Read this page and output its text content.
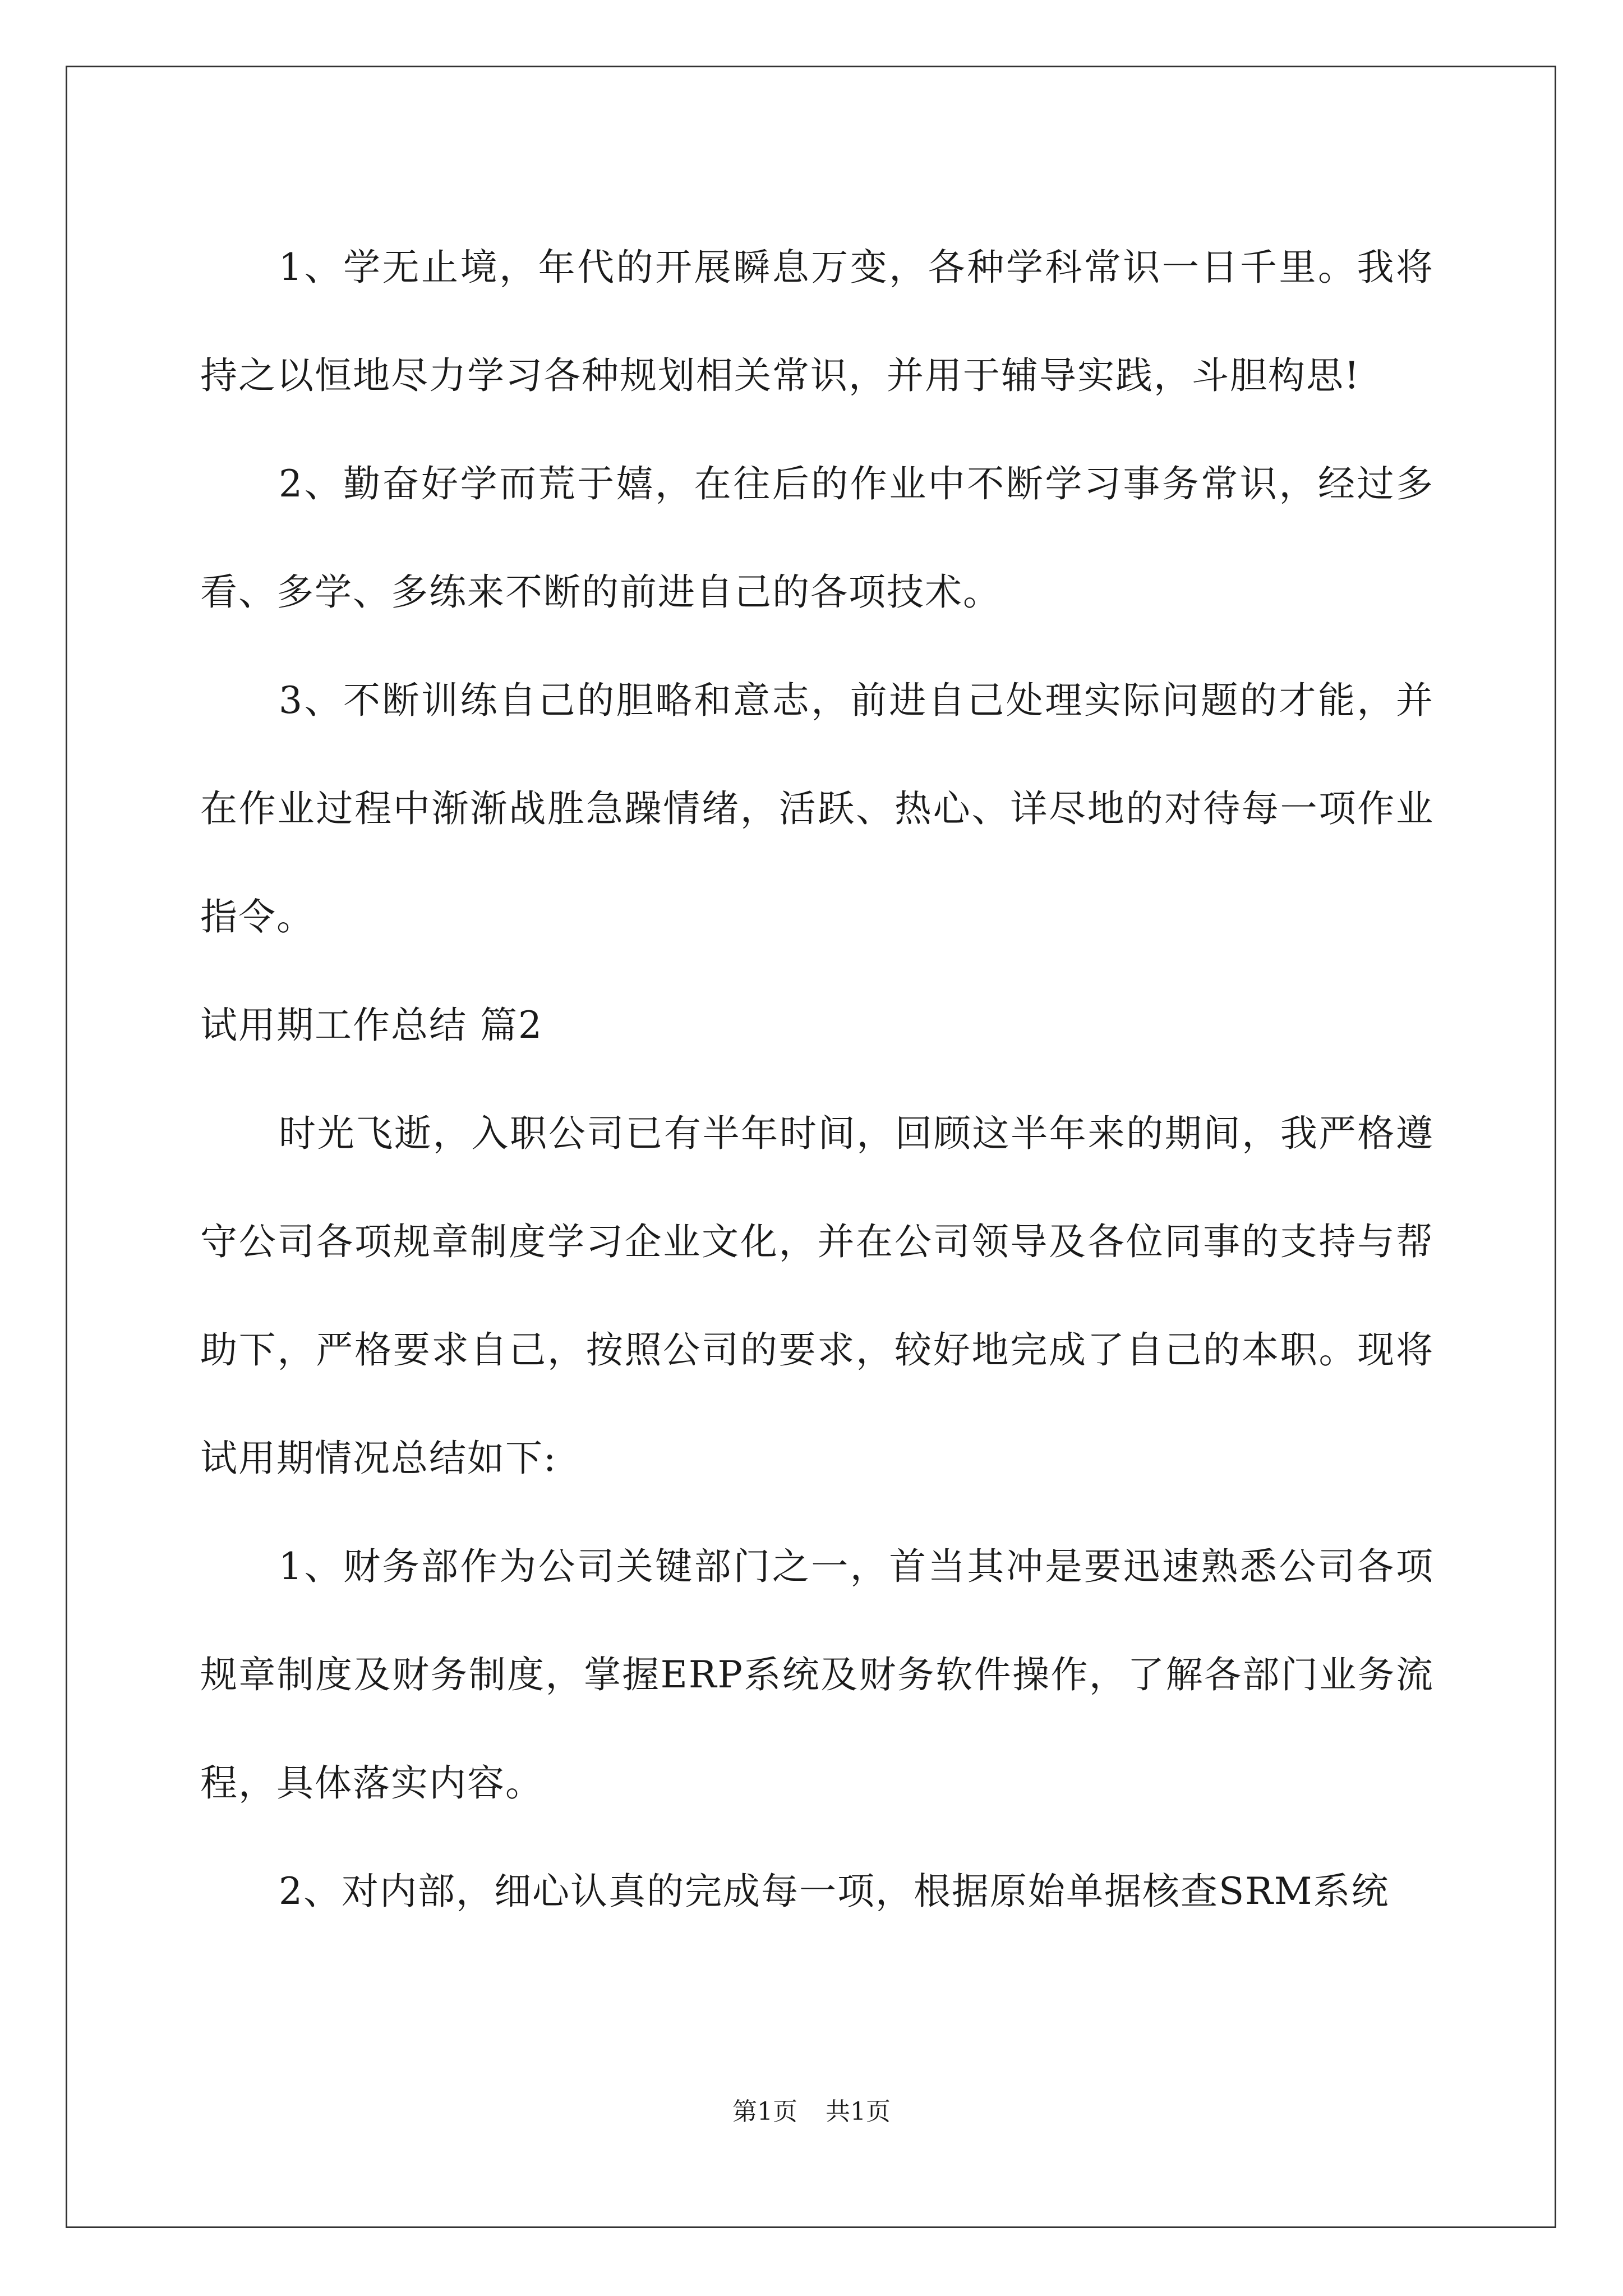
1、学无止境，年代的开展瞬息万变，各种学科常识一日千里。我将持之以恒地尽力学习各种规划相关常识，并用于辅导实践，斗胆构思!

2、勤奋好学而荒于嬉，在往后的作业中不断学习事务常识，经过多看、多学、多练来不断的前进自己的各项技术。

3、不断训练自己的胆略和意志，前进自己处理实际问题的才能，并在作业过程中渐渐战胜急躁情绪，活跃、热心、详尽地的对待每一项作业指令。

试用期工作总结 篇2

时光飞逝，入职公司已有半年时间，回顾这半年来的期间，我严格遵守公司各项规章制度学习企业文化，并在公司领导及各位同事的支持与帮助下，严格要求自己，按照公司的要求，较好地完成了自己的本职。现将试用期情况总结如下:

1、财务部作为公司关键部门之一，首当其冲是要迅速熟悉公司各项规章制度及财务制度，掌握ERP系统及财务软件操作，了解各部门业务流程，具体落实内容。

2、对内部，细心认真的完成每一项，根据原始单据核查SRM系统

第1页 共1页
